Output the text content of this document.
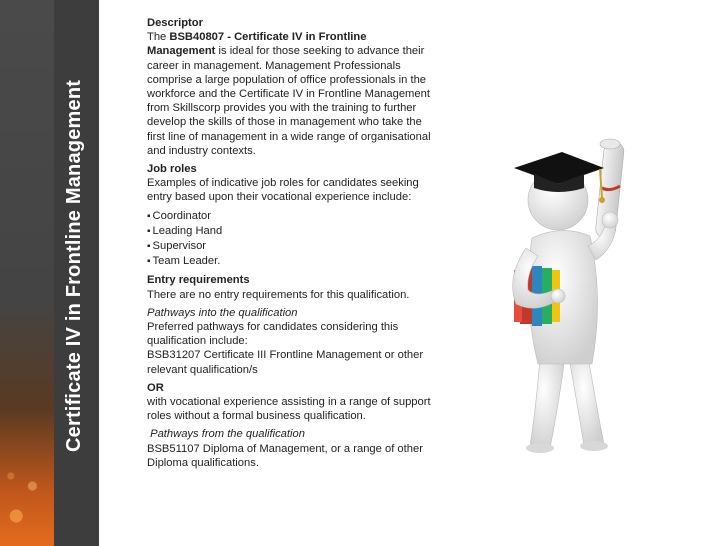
Certificate IV in Frontline Management
Descriptor
The BSB40807 - Certificate IV in Frontline Management is ideal for those seeking to advance their career in management. Management Professionals comprise a large population of office professionals in the workforce and the Certificate IV in Frontline Management from Skillscorp provides you with the training to further develop the skills of those in management who take the first line of management in a wide range of organisational and industry contexts.
Job roles
Examples of indicative job roles for candidates seeking entry based upon their vocational experience include:
▪ Coordinator
▪ Leading Hand
▪ Supervisor
▪ Team Leader.
Entry requirements
There are no entry requirements for this qualification.
Pathways into the qualification
Preferred pathways for candidates considering this qualification include:
BSB31207 Certificate III Frontline Management or other relevant qualification/s
OR
with vocational experience assisting in a range of support roles without a formal business qualification.
Pathways from the qualification
BSB51107 Diploma of Management, or a range of other Diploma qualifications.
